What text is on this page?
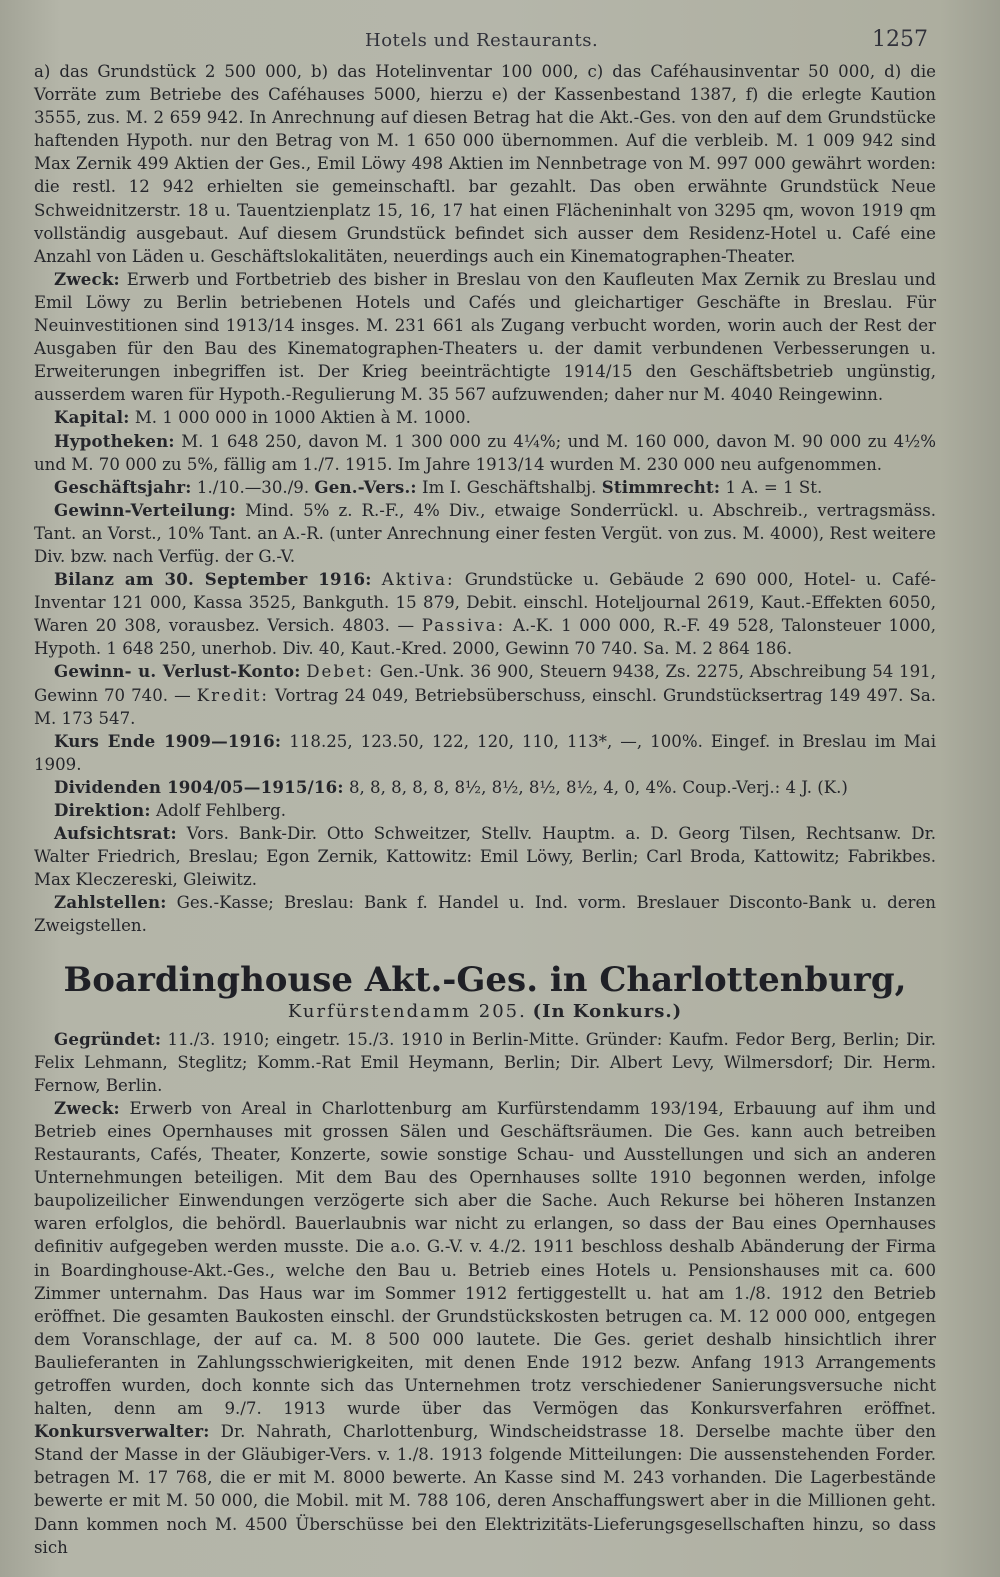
Hotels und Restaurants.	1257

a) das Grundstück 2 500 000, b) das Hotelinventar 100 000, c) das Caféhausinventar 50 000, d) die Vorräte zum Betriebe des Caféhauses 5000, hierzu e) der Kassenbestand 1387, f) die erlegte Kaution 3555, zus. M. 2 659 942. In Anrechnung auf diesen Betrag hat die Akt.-Ges. von den auf dem Grundstücke haftenden Hypoth. nur den Betrag von M. 1 650 000 übernommen. Auf die verbleib. M. 1 009 942 sind Max Zernik 499 Aktien der Ges., Emil Löwy 498 Aktien im Nennbetrage von M. 997 000 gewährt worden: die restl. 12 942 erhielten sie gemeinschaftl. bar gezahlt. Das oben erwähnte Grundstück Neue Schweidnitzerstr. 18 u. Tauentzienplatz 15, 16, 17 hat einen Flächeninhalt von 3295 qm, wovon 1919 qm vollständig ausgebaut. Auf diesem Grundstück befindet sich ausser dem Residenz-Hotel u. Café eine Anzahl von Läden u. Geschäftslokalitäten, neuerdings auch ein Kinematographen-Theater.

Zweck: Erwerb und Fortbetrieb des bisher in Breslau von den Kaufleuten Max Zernik zu Breslau und Emil Löwy zu Berlin betriebenen Hotels und Cafés und gleichartiger Geschäfte in Breslau. Für Neuinvestitionen sind 1913/14 insges. M. 231 661 als Zugang verbucht worden, worin auch der Rest der Ausgaben für den Bau des Kinematographen-Theaters u. der damit verbundenen Verbesserungen u. Erweiterungen inbegriffen ist. Der Krieg beeinträchtigte 1914/15 den Geschäftsbetrieb ungünstig, ausserdem waren für Hypoth.-Regulierung M. 35 567 aufzuwenden; daher nur M. 4040 Reingewinn.

Kapital: M. 1 000 000 in 1000 Aktien à M. 1000.

Hypotheken: M. 1 648 250, davon M. 1 300 000 zu 4¼%; und M. 160 000, davon M. 90 000 zu 4½% und M. 70 000 zu 5%, fällig am 1./7. 1915. Im Jahre 1913/14 wurden M. 230 000 neu aufgenommen.

Geschäftsjahr: 1./10.—30./9. Gen.-Vers.: Im I. Geschäftshalbj. Stimmrecht: 1 A. = 1 St.

Gewinn-Verteilung: Mind. 5% z. R.-F., 4% Div., etwaige Sonderrückl. u. Abschreib., vertragsmäss. Tant. an Vorst., 10% Tant. an A.-R. (unter Anrechnung einer festen Vergüt. von zus. M. 4000), Rest weitere Div. bzw. nach Verfüg. der G.-V.

Bilanz am 30. September 1916: Aktiva: Grundstücke u. Gebäude 2 690 000, Hotel- u. Café-Inventar 121 000, Kassa 3525, Bankguth. 15 879, Debit. einschl. Hoteljournal 2619, Kaut.-Effekten 6050, Waren 20 308, vorausbez. Versich. 4803. — Passiva: A.-K. 1 000 000, R.-F. 49 528, Talonsteuer 1000, Hypoth. 1 648 250, unerhob. Div. 40, Kaut.-Kred. 2000, Gewinn 70 740. Sa. M. 2 864 186.

Gewinn- u. Verlust-Konto: Debet: Gen.-Unk. 36 900, Steuern 9438, Zs. 2275, Abschreibung 54 191, Gewinn 70 740. — Kredit: Vortrag 24 049, Betriebsüberschuss, einschl. Grundstücksertrag 149 497. Sa. M. 173 547.

Kurs Ende 1909—1916: 118.25, 123.50, 122, 120, 110, 113*, —, 100%. Eingef. in Breslau im Mai 1909.

Dividenden 1904/05—1915/16: 8, 8, 8, 8, 8, 8½, 8½, 8½, 8½, 4, 0, 4%. Coup.-Verj.: 4 J. (K.)

Direktion: Adolf Fehlberg.

Aufsichtsrat: Vors. Bank-Dir. Otto Schweitzer, Stellv. Hauptm. a. D. Georg Tilsen, Rechtsanw. Dr. Walter Friedrich, Breslau; Egon Zernik, Kattowitz: Emil Löwy, Berlin; Carl Broda, Kattowitz; Fabrikbes. Max Kleczereski, Gleiwitz.

Zahlstellen: Ges.-Kasse; Breslau: Bank f. Handel u. Ind. vorm. Breslauer Disconto-Bank u. deren Zweigstellen.

Boardinghouse Akt.-Ges. in Charlottenburg,
Kurfürstendamm 205. (In Konkurs.)

Gegründet: 11./3. 1910; eingetr. 15./3. 1910 in Berlin-Mitte. Gründer: Kaufm. Fedor Berg, Berlin; Dir. Felix Lehmann, Steglitz; Komm.-Rat Emil Heymann, Berlin; Dir. Albert Levy, Wilmersdorf; Dir. Herm. Fernow, Berlin.

Zweck: Erwerb von Areal in Charlottenburg am Kurfürstendamm 193/194, Erbauung auf ihm und Betrieb eines Opernhauses mit grossen Sälen und Geschäftsräumen. Die Ges. kann auch betreiben Restaurants, Cafés, Theater, Konzerte, sowie sonstige Schau- und Ausstellungen und sich an anderen Unternehmungen beteiligen. Mit dem Bau des Opernhauses sollte 1910 begonnen werden, infolge baupolizeilicher Einwendungen verzögerte sich aber die Sache. Auch Rekurse bei höheren Instanzen waren erfolglos, die behördl. Bauerlaubnis war nicht zu erlangen, so dass der Bau eines Opernhauses definitiv aufgegeben werden musste. Die a.o. G.-V. v. 4./2. 1911 beschloss deshalb Abänderung der Firma in Boardinghouse-Akt.-Ges., welche den Bau u. Betrieb eines Hotels u. Pensionshauses mit ca. 600 Zimmer unternahm. Das Haus war im Sommer 1912 fertiggestellt u. hat am 1./8. 1912 den Betrieb eröffnet. Die gesamten Baukosten einschl. der Grundstückskosten betrugen ca. M. 12 000 000, entgegen dem Voranschlage, der auf ca. M. 8 500 000 lautete. Die Ges. geriet deshalb hinsichtlich ihrer Baulieferanten in Zahlungsschwierigkeiten, mit denen Ende 1912 bezw. Anfang 1913 Arrangements getroffen wurden, doch konnte sich das Unternehmen trotz verschiedener Sanierungsversuche nicht halten, denn am 9./7. 1913 wurde über das Vermögen das Konkursverfahren eröffnet. Konkursverwalter: Dr. Nahrath, Charlottenburg, Windscheidstrasse 18. Derselbe machte über den Stand der Masse in der Gläubiger-Vers. v. 1./8. 1913 folgende Mitteilungen: Die aussenstehenden Forder. betragen M. 17 768, die er mit M. 8000 bewerte. An Kasse sind M. 243 vorhanden. Die Lagerbestände bewerte er mit M. 50 000, die Mobil. mit M. 788 106, deren Anschaffungswert aber in die Millionen geht. Dann kommen noch M. 4500 Überschüsse bei den Elektrizitäts-Lieferungsgesellschaften hinzu, so dass sich
